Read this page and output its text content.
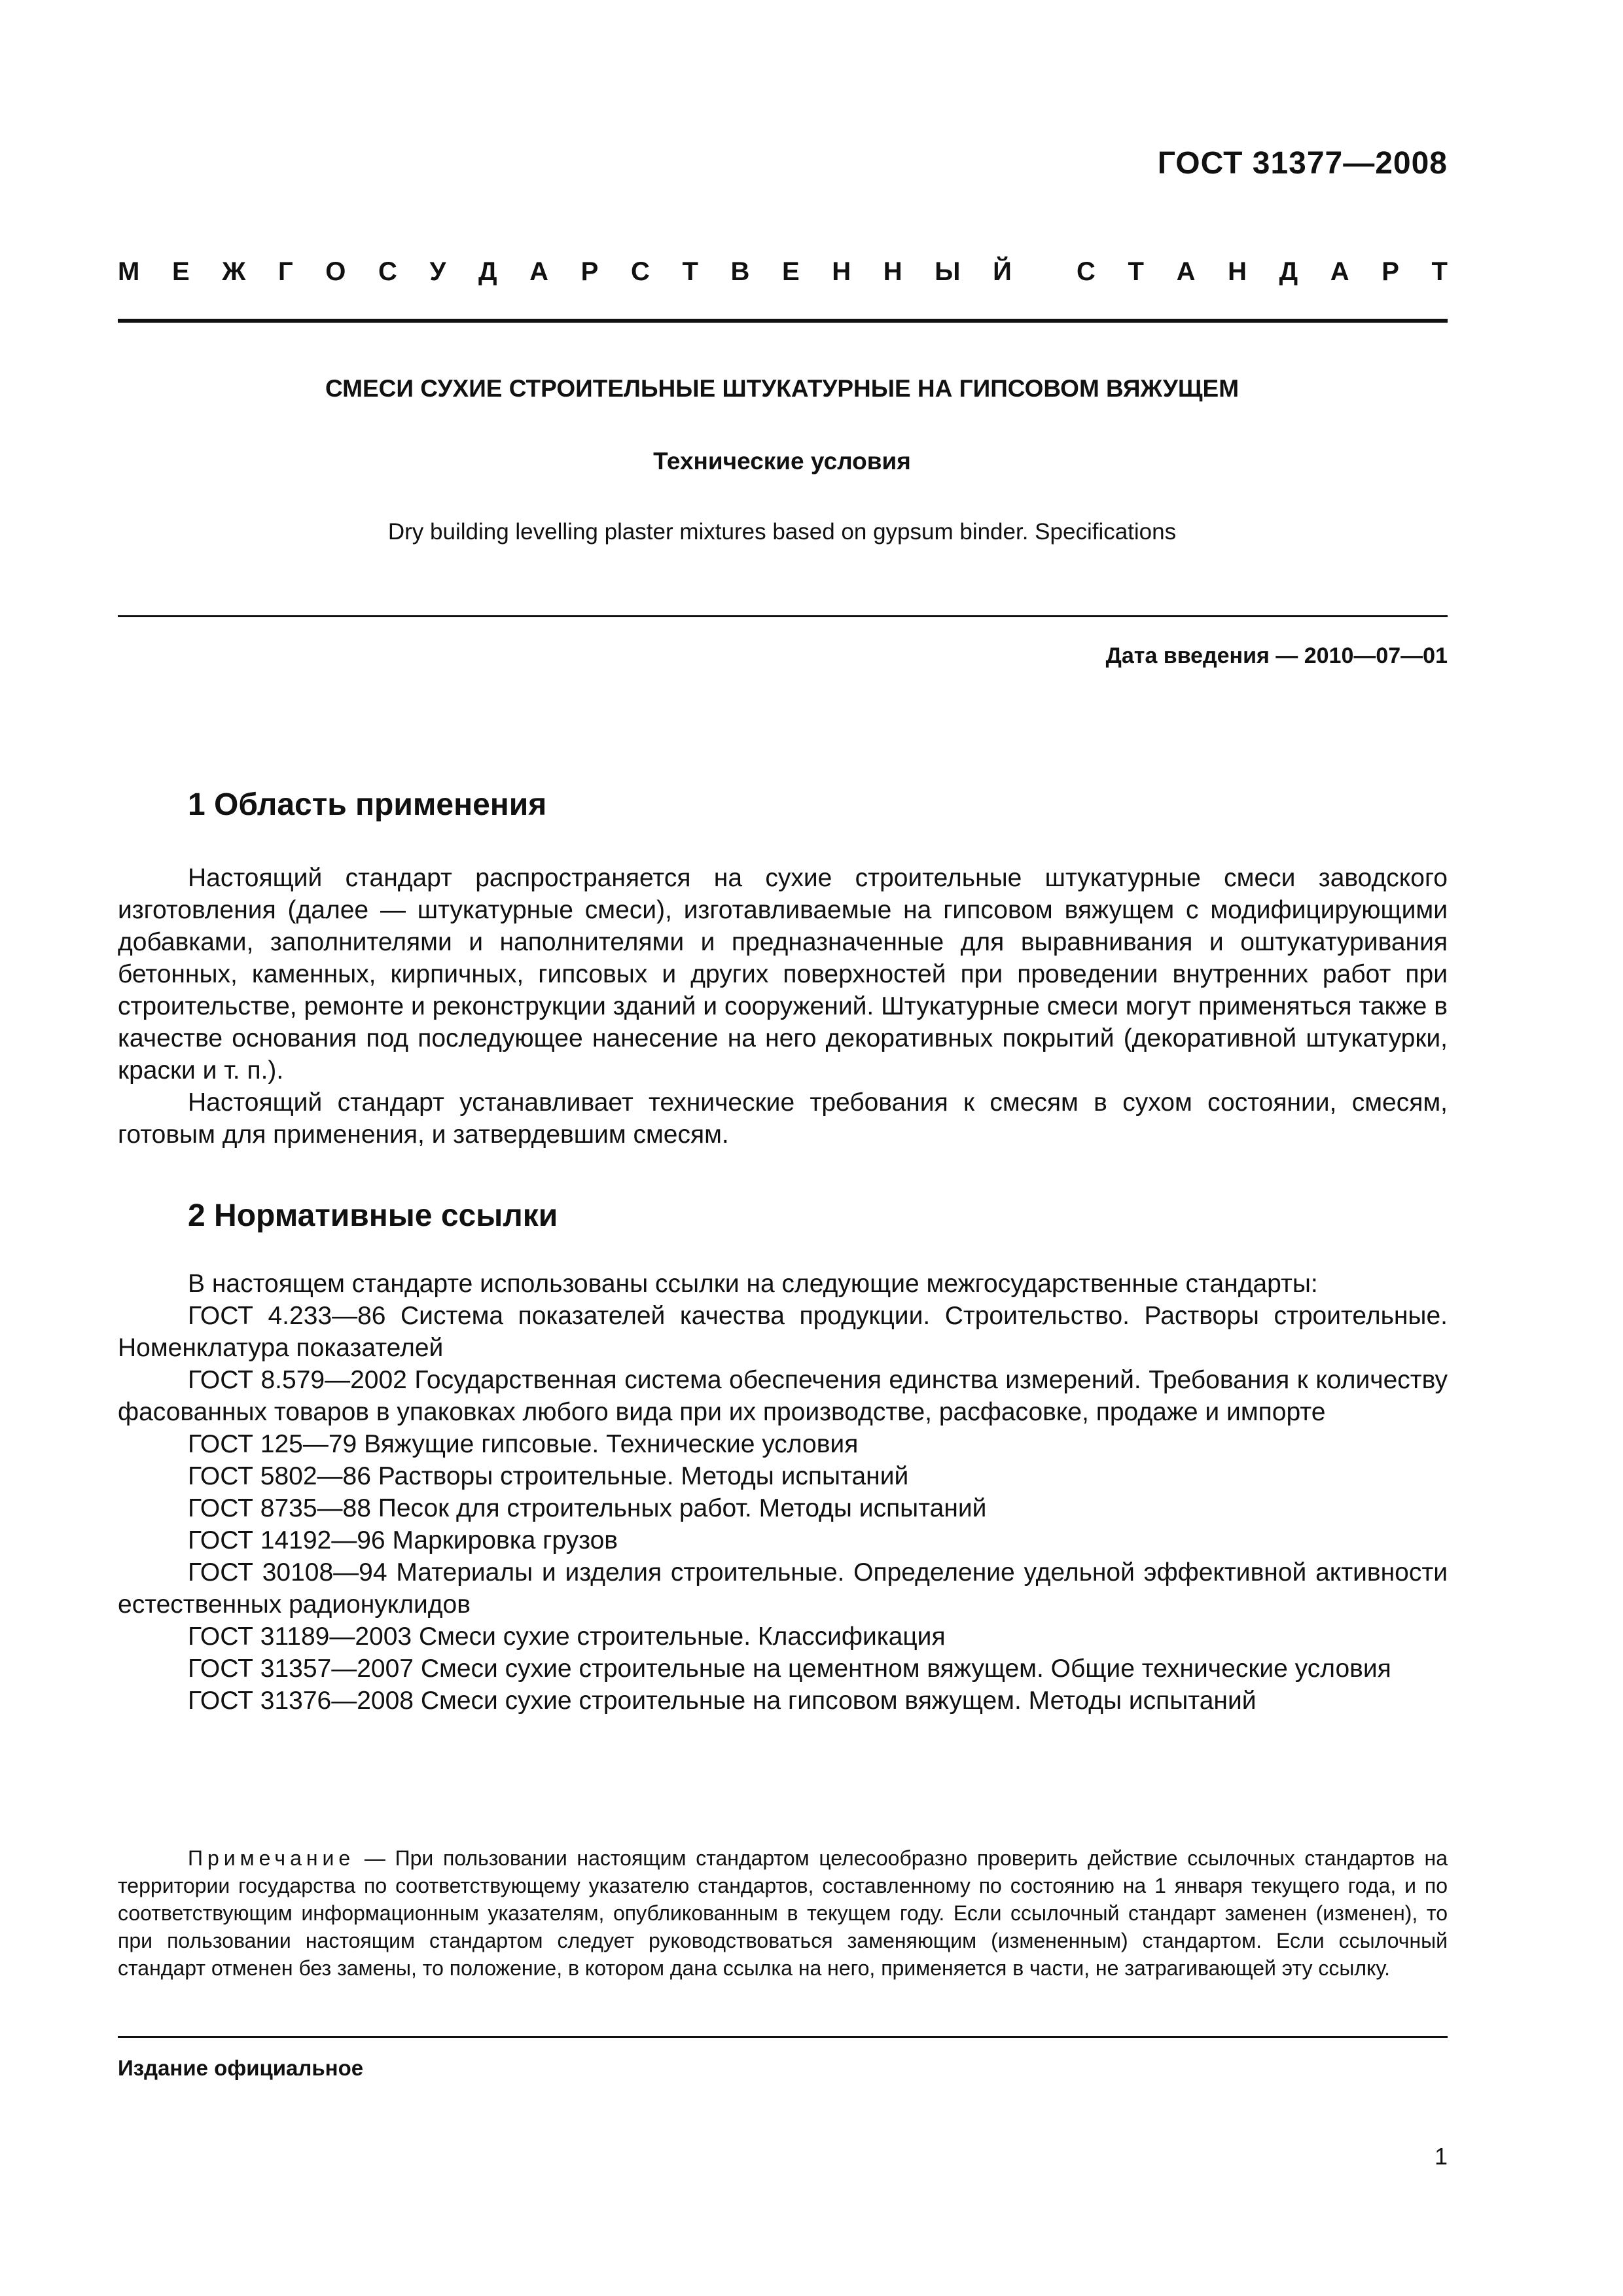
ГОСТ 31377—2008
М Е Ж Г О С У Д А Р С Т В Е Н Н Ы Й С Т А Н Д А Р Т
СМЕСИ СУХИЕ СТРОИТЕЛЬНЫЕ ШТУКАТУРНЫЕ НА ГИПСОВОМ ВЯЖУЩЕМ
Технические условия
Dry building levelling plaster mixtures based on gypsum binder. Specifications
Дата введения — 2010—07—01
1 Область применения

Настоящий стандарт распространяется на сухие строительные штукатурные смеси заводского изготовления (далее — штукатурные смеси), изготавливаемые на гипсовом вяжущем с модифицирующими добавками, заполнителями и наполнителями и предназначенные для выравнивания и оштукатуривания бетонных, каменных, кирпичных, гипсовых и других поверхностей при проведении внутренних работ при строительстве, ремонте и реконструкции зданий и сооружений. Штукатурные смеси могут применяться также в качестве основания под последующее нанесение на него декоративных покрытий (декоративной штукатурки, краски и т. п.).

Настоящий стандарт устанавливает технические требования к смесям в сухом состоянии, смесям, готовым для применения, и затвердевшим смесям.

2 Нормативные ссылки

В настоящем стандарте использованы ссылки на следующие межгосударственные стандарты:

ГОСТ 4.233—86 Система показателей качества продукции. Строительство. Растворы строительные. Номенклатура показателей

ГОСТ 8.579—2002 Государственная система обеспечения единства измерений. Требования к количеству фасованных товаров в упаковках любого вида при их производстве, расфасовке, продаже и импорте

ГОСТ 125—79 Вяжущие гипсовые. Технические условия

ГОСТ 5802—86 Растворы строительные. Методы испытаний

ГОСТ 8735—88 Песок для строительных работ. Методы испытаний

ГОСТ 14192—96 Маркировка грузов

ГОСТ 30108—94 Материалы и изделия строительные. Определение удельной эффективной активности естественных радионуклидов

ГОСТ 31189—2003 Смеси сухие строительные. Классификация

ГОСТ 31357—2007 Смеси сухие строительные на цементном вяжущем. Общие технические условия

ГОСТ 31376—2008 Смеси сухие строительные на гипсовом вяжущем. Методы испытаний

Примечание — При пользовании настоящим стандартом целесообразно проверить действие ссылочных стандартов на территории государства по соответствующему указателю стандартов, составленному по состоянию на 1 января текущего года, и по соответствующим информационным указателям, опубликованным в текущем году. Если ссылочный стандарт заменен (изменен), то при пользовании настоящим стандартом следует руководствоваться заменяющим (измененным) стандартом. Если ссылочный стандарт отменен без замены, то положение, в котором дана ссылка на него, применяется в части, не затрагивающей эту ссылку.
Издание официальное
1
